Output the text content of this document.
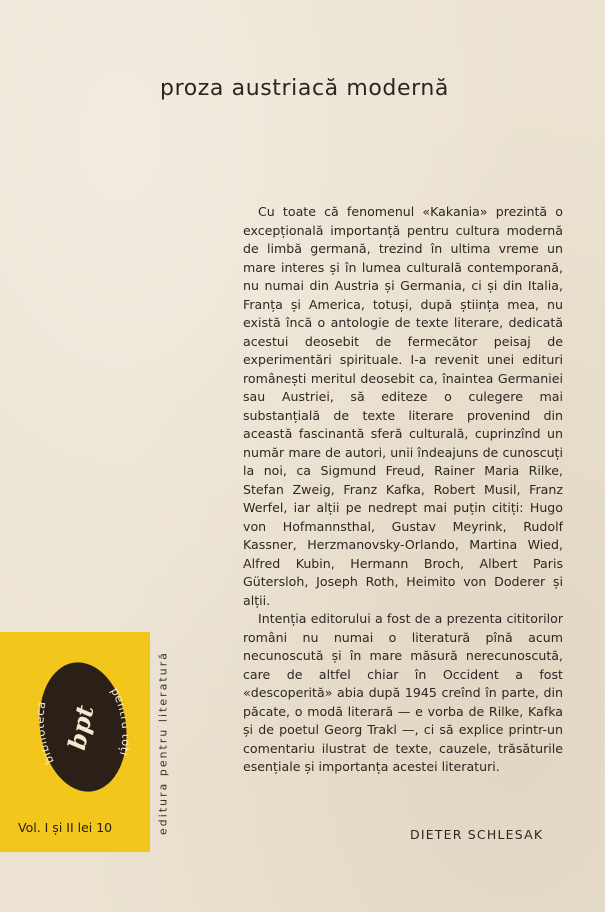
proza austriacă modernă

Cu toate că fenomenul «Kakania» prezintă o excepțională importanță pentru cultura modernă de limbă germană, trezind în ultima vreme un mare interes și în lumea culturală contemporană, nu numai din Austria și Germania, ci și din Italia, Franța și America, totuși, după știința mea, nu există încă o antologie de texte literare, dedicată acestui deosebit de fermecător peisaj de experimentări spirituale. I-a revenit unei edituri românești meritul deosebit ca, înaintea Germaniei sau Austriei, să editeze o culegere mai substanțială de texte literare provenind din această fascinantă sferă culturală, cuprinzînd un număr mare de autori, unii îndeajuns de cunoscuți la noi, ca Sigmund Freud, Rainer Maria Rilke, Stefan Zweig, Franz Kafka, Robert Musil, Franz Werfel, iar alții pe nedrept mai puțin citiți: Hugo von Hofmannsthal, Gustav Meyrink, Rudolf Kassner, Herzmanovsky-Orlando, Martina Wied, Alfred Kubin, Hermann Broch, Albert Paris Gütersloh, Joseph Roth, Heimito von Doderer și alții.

Intenția editorului a fost de a prezenta cititorilor români nu numai o literatură pînă acum necunoscută și în mare măsură nerecunoscută, care de altfel chiar în Occident a fost «descoperită» abia după 1945 creînd în parte, din păcate, o modă literară — e vorba de Rilke, Kafka și de poetul Georg Trakl —, ci să explice printr-un comentariu ilustrat de texte, cauzele, trăsăturile esențiale și importanța acestei literaturi.

DIETER SCHLESAK
biblioteca
pentru toți
bpt
Vol. I și II lei 10	editura pentru literatură
